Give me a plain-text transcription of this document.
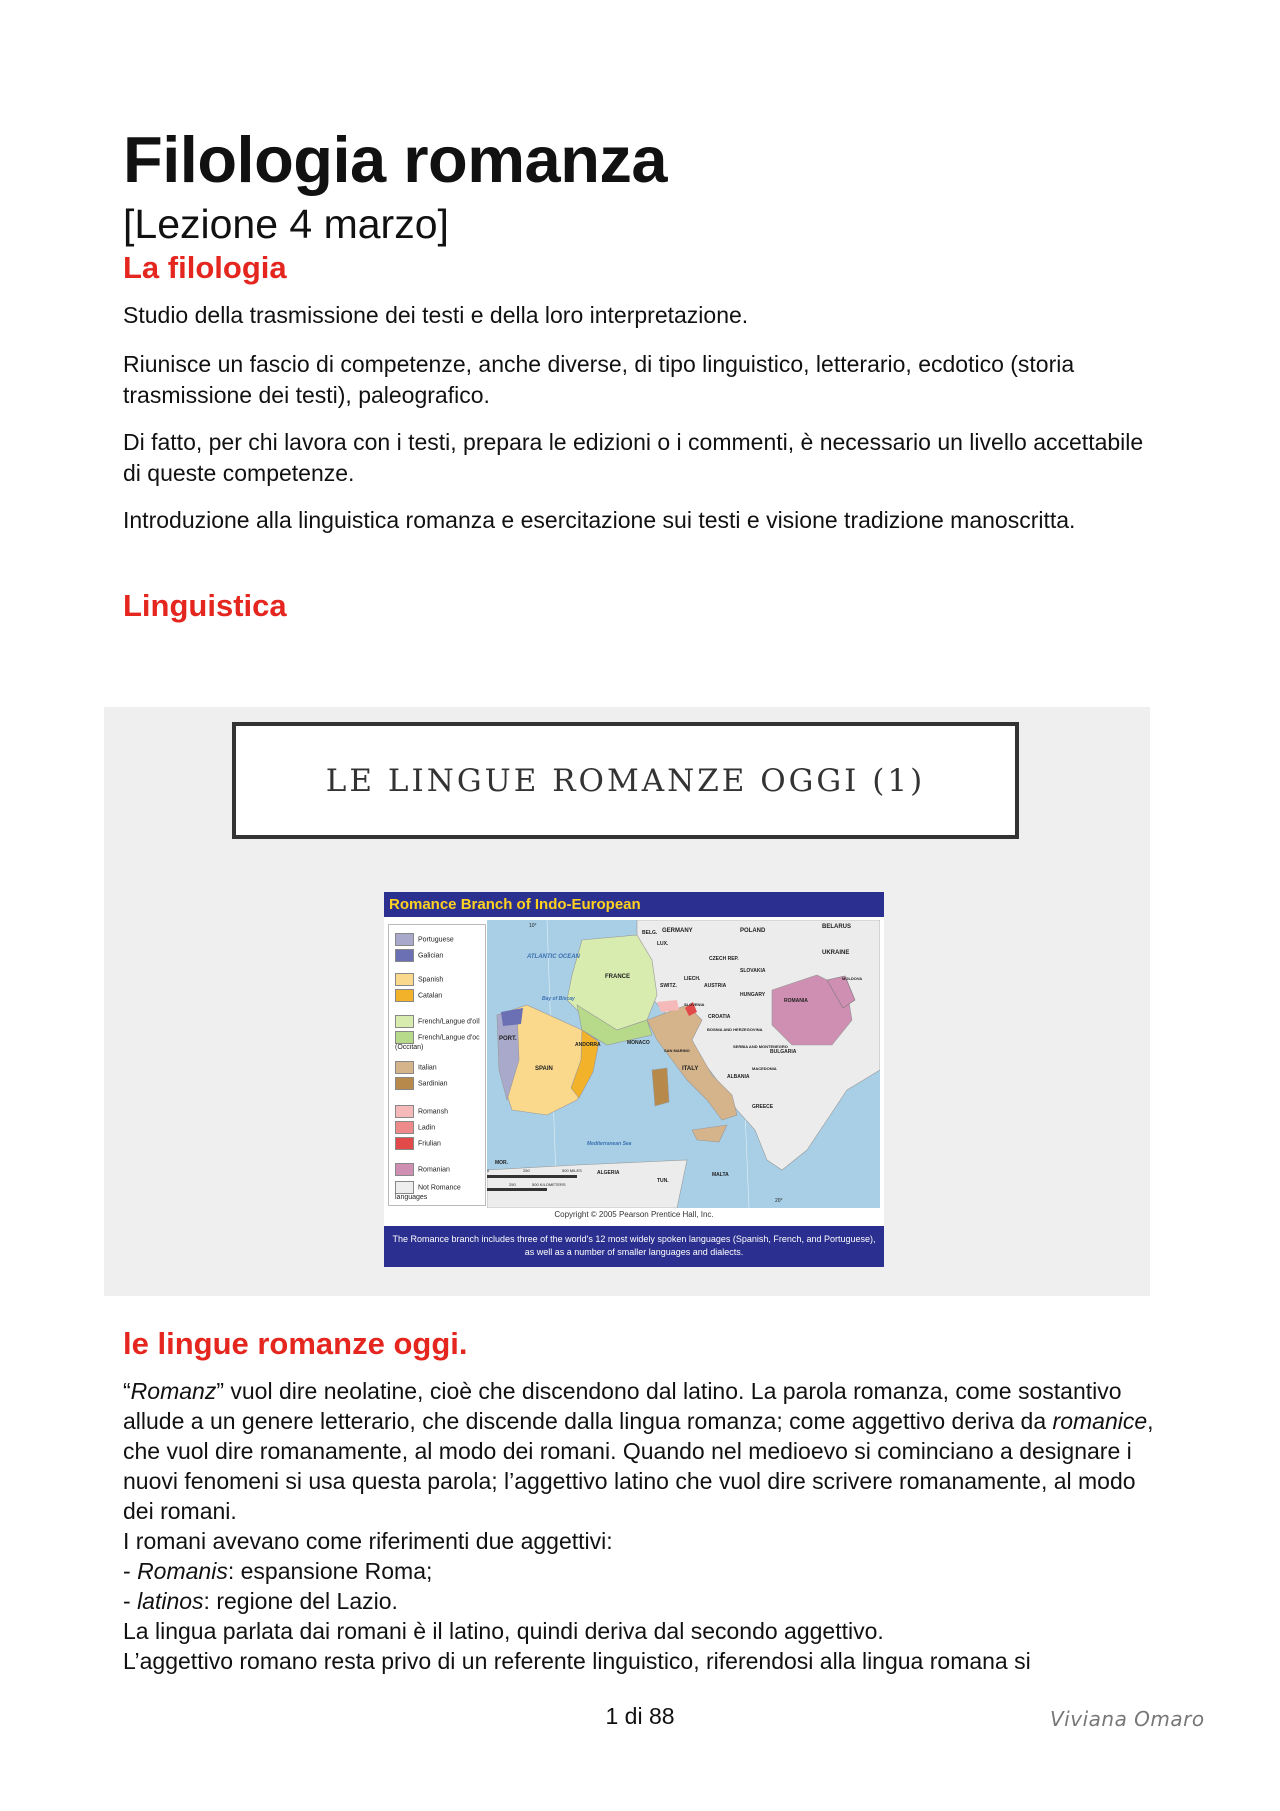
Filologia romanza
[Lezione 4 marzo]
La filologia

Studio della trasmissione dei testi e della loro interpretazione.

Riunisce un fascio di competenze, anche diverse, di tipo linguistico, letterario, ecdotico (storia trasmissione dei testi), paleografico.

Di fatto, per chi lavora con i testi, prepara le edizioni o i commenti, è necessario un livello accettabile di queste competenze.

Introduzione alla linguistica romanza e esercitazione sui testi e visione tradizione manoscritta.

Linguistica
LE LINGUE ROMANZE OGGI (1)
Romance Branch of Indo-European
Portuguese
Galician
Spanish
Catalan
French/Langue d'oïl
French/Langue d'oc (Occitan)
Italian
Sardinian
Romansh
Ladin
Friulian
Romanian
Not Romance languages
ATLANTIC OCEAN
Bay of Biscay
FRANCE
SPAIN
PORT.
ANDORRA	MONACO
ITALY
GERMANY	POLAND
BELARUS
UKRAINE
CZECH REP.
SLOVAKIA
AUSTRIA
HUNGARY
ROMANIA
MOLDOVA
BELG.
LUX.
SWITZ.
LIECH.
SLOVENIA
CROATIA
BOSNIA AND HERZEGOVINA
SERBIA AND MONTENEGRO
BULGARIA
MACEDONIA
ALBANIA
GREECE
SAN MARINO
MOR.
ALGERIA
TUN.
MALTA
Mediterranean Sea
500 MILES
500 KILOMETERS
0	250
250
10°
20°
Copyright © 2005 Pearson Prentice Hall, Inc.
The Romance branch includes three of the world's 12 most widely spoken languages (Spanish, French, and Portuguese), as well as a number of smaller languages and dialects.
le lingue romanze oggi.

“Romanz” vuol dire neolatine, cioè che discendono dal latino. La parola romanza, come sostantivo allude a un genere letterario, che discende dalla lingua romanza; come aggettivo deriva da romanice, che vuol dire romanamente, al modo dei romani. Quando nel medioevo si cominciano a designare i nuovi fenomeni si usa questa parola; l’aggettivo latino che vuol dire scrivere romanamente, al modo dei romani.

I romani avevano come riferimenti due aggettivi:

- Romanis: espansione Roma;

- latinos: regione del Lazio.

La lingua parlata dai romani è il latino, quindi deriva dal secondo aggettivo.

L’aggettivo romano resta privo di un referente linguistico, riferendosi alla lingua romana si

1 di 88	Viviana Omaro
